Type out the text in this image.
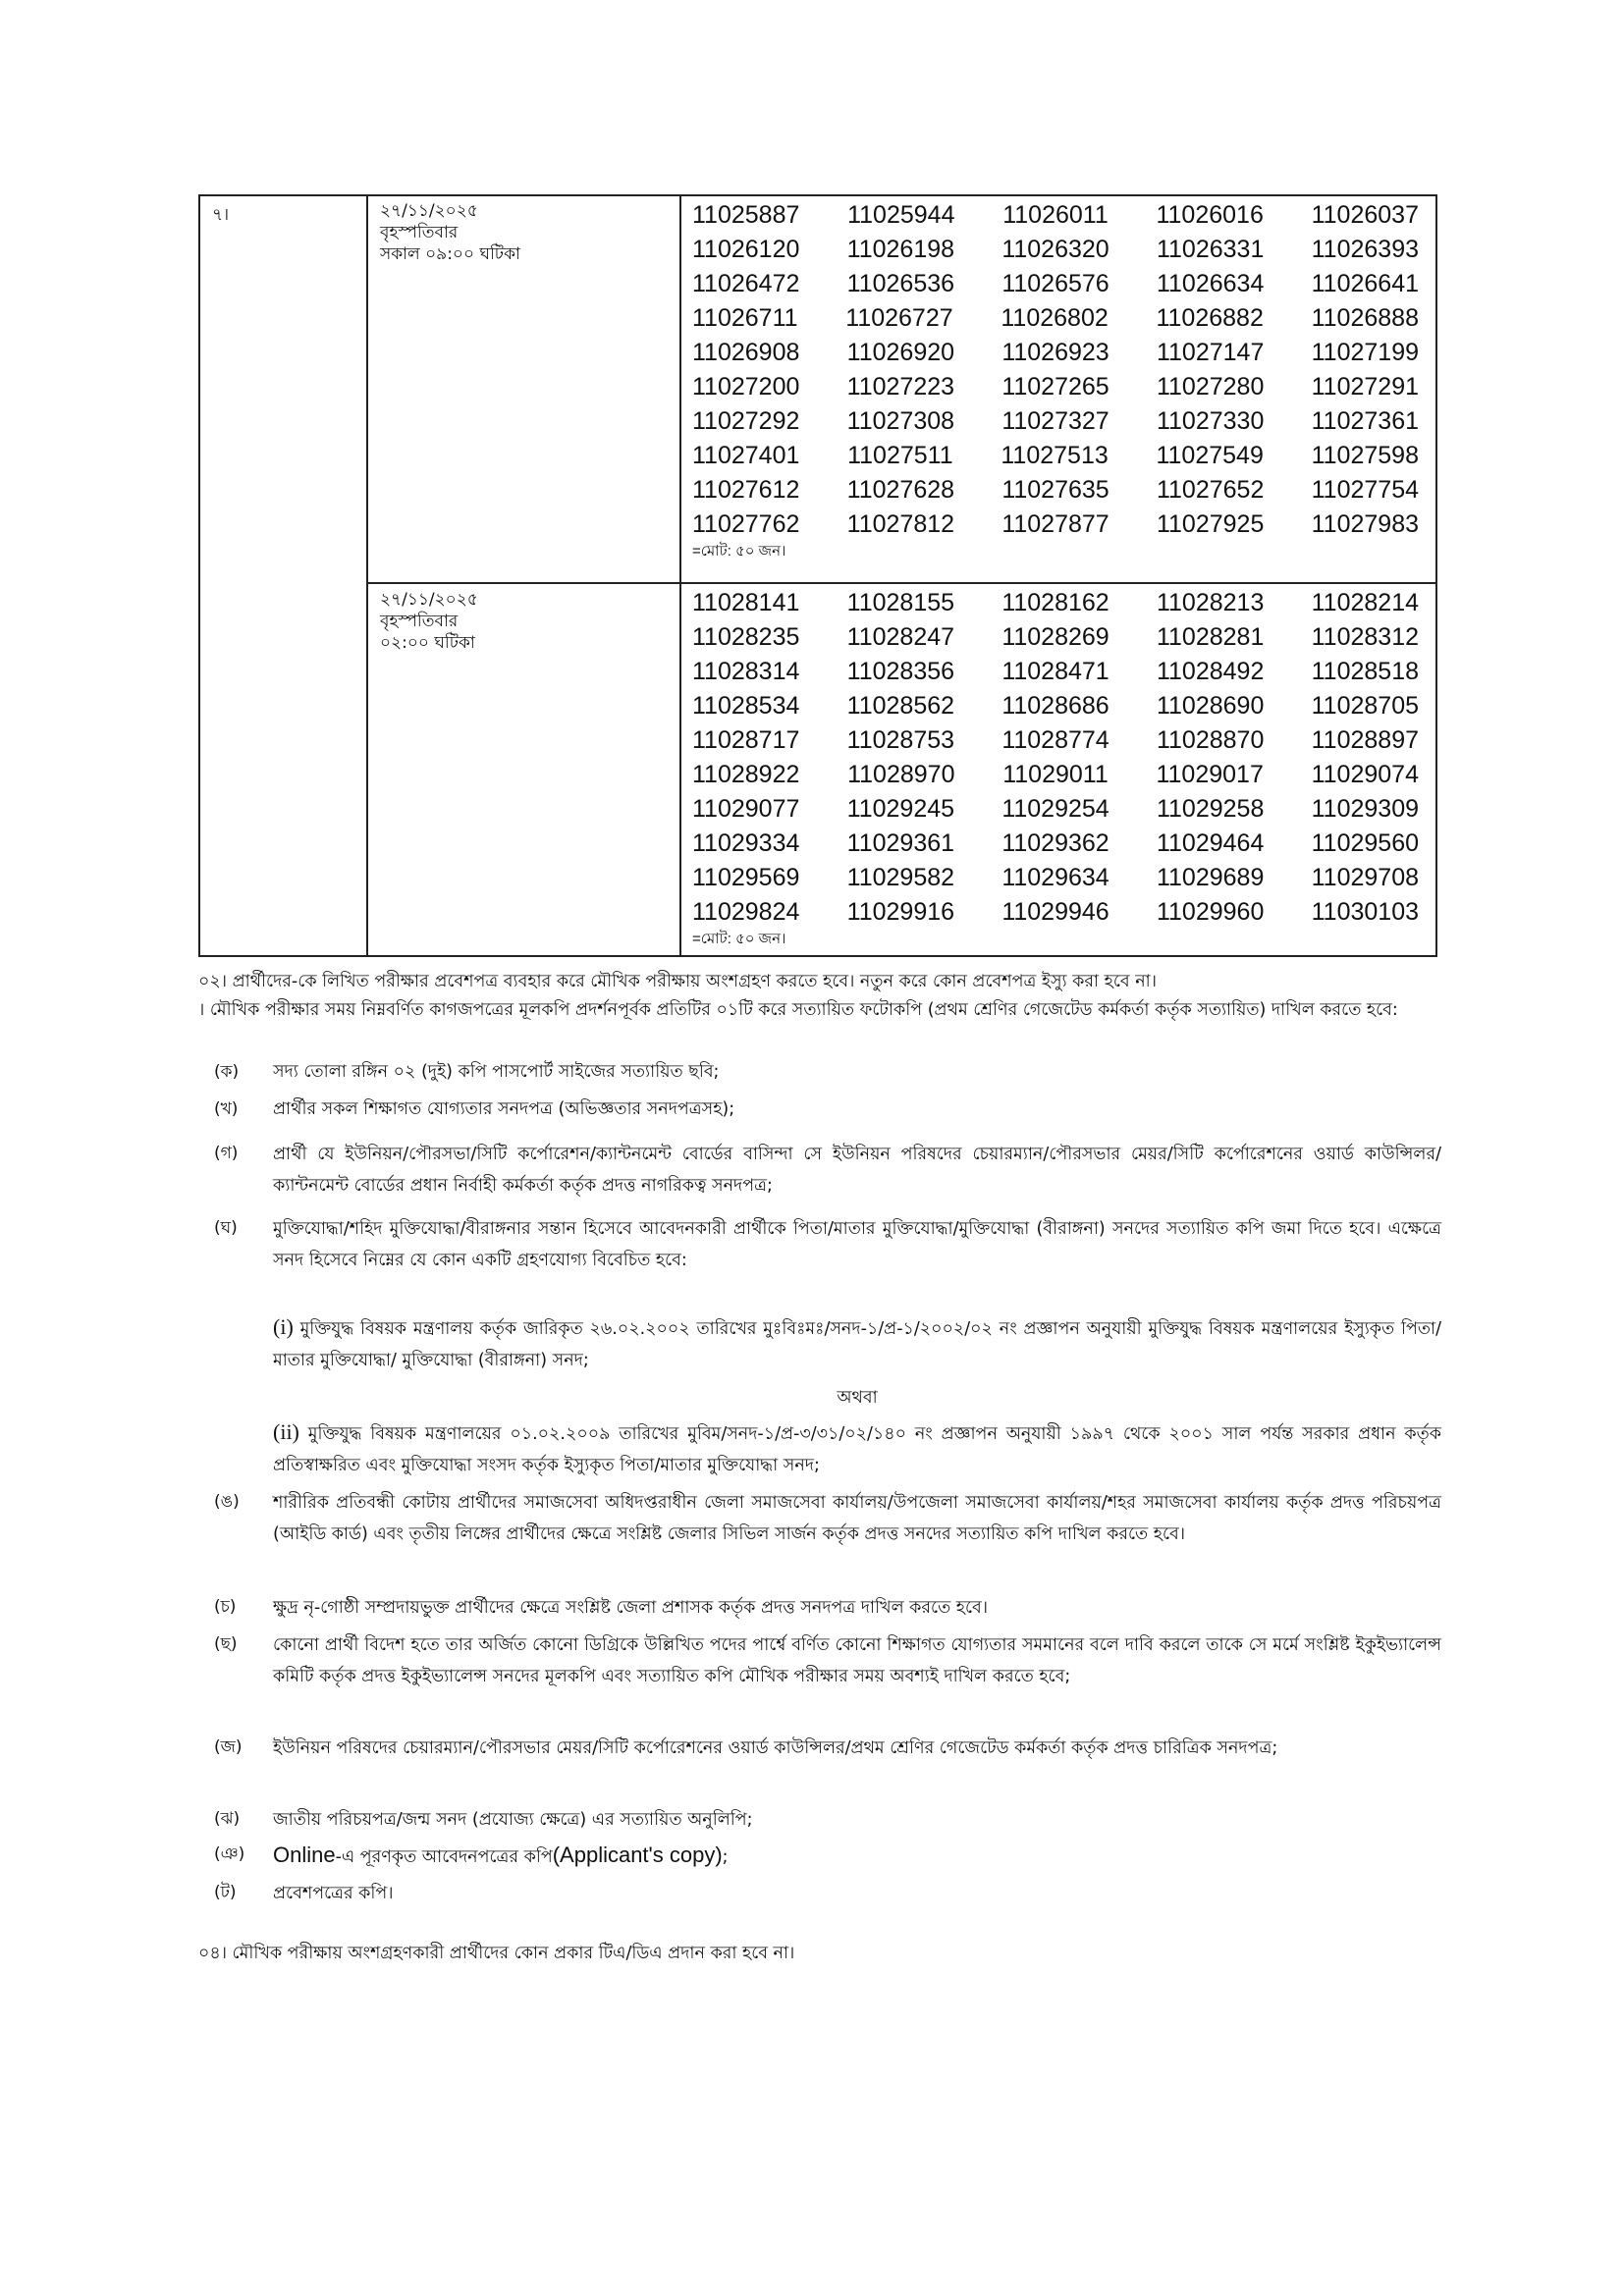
৭।	২৭/১১/২০২৫
বৃহস্পতিবার
সকাল ০৯:০০ ঘটিকা
11025887 11025944 11026011 11026016 11026037
11026120 11026198 11026320 11026331 11026393
11026472 11026536 11026576 11026634 11026641
11026711 11026727 11026802 11026882 11026888
11026908 11026920 11026923 11027147 11027199
11027200 11027223 11027265 11027280 11027291
11027292 11027308 11027327 11027330 11027361
11027401 11027511 11027513 11027549 11027598
11027612 11027628 11027635 11027652 11027754
11027762 11027812 11027877 11027925 11027983
=মোট: ৫০ জন।
২৭/১১/২০২৫
বৃহস্পতিবার
০২:০০ ঘটিকা
11028141 11028155 11028162 11028213 11028214
11028235 11028247 11028269 11028281 11028312
11028314 11028356 11028471 11028492 11028518
11028534 11028562 11028686 11028690 11028705
11028717 11028753 11028774 11028870 11028897
11028922 11028970 11029011 11029017 11029074
11029077 11029245 11029254 11029258 11029309
11029334 11029361 11029362 11029464 11029560
11029569 11029582 11029634 11029689 11029708
11029824 11029916 11029946 11029960 11030103
=মোট: ৫০ জন।
০২। প্রার্থীদের-কে লিখিত পরীক্ষার প্রবেশপত্র ব্যবহার করে মৌখিক পরীক্ষায় অংশগ্রহণ করতে হবে। নতুন করে কোন প্রবেশপত্র ইস্যু করা হবে না।
। মৌখিক পরীক্ষার সময় নিম্নবর্ণিত কাগজপত্রের মূলকপি প্রদর্শনপূর্বক প্রতিটির ০১টি করে সত্যায়িত ফটোকপি (প্রথম শ্রেণির গেজেটেড কর্মকর্তা কর্তৃক সত্যায়িত) দাখিল করতে হবে:
(ক) সদ্য তোলা রঙ্গিন ০২ (দুই) কপি পাসপোর্ট সাইজের সত্যায়িত ছবি;
(খ) প্রার্থীর সকল শিক্ষাগত যোগ্যতার সনদপত্র (অভিজ্ঞতার সনদপত্রসহ);
(গ) প্রার্থী যে ইউনিয়ন/পৌরসভা/সিটি কর্পোরেশন/ক্যান্টনমেন্ট বোর্ডের বাসিন্দা সে ইউনিয়ন পরিষদের চেয়ারম্যান/পৌরসভার মেয়র/সিটি কর্পোরেশনের ওয়ার্ড কাউন্সিলর/ক্যান্টনমেন্ট বোর্ডের প্রধান নির্বাহী কর্মকর্তা কর্তৃক প্রদত্ত নাগরিকত্ব সনদপত্র;
(ঘ) মুক্তিযোদ্ধা/শহিদ মুক্তিযোদ্ধা/বীরাঙ্গনার সন্তান হিসেবে আবেদনকারী প্রার্থীকে পিতা/মাতার মুক্তিযোদ্ধা/মুক্তিযোদ্ধা (বীরাঙ্গনা) সনদের সত্যায়িত কপি জমা দিতে হবে। এক্ষেত্রে সনদ হিসেবে নিম্নের যে কোন একটি গ্রহণযোগ্য বিবেচিত হবে:
(i) মুক্তিযুদ্ধ বিষয়ক মন্ত্রণালয় কর্তৃক জারিকৃত ২৬.০২.২০০২ তারিখের মুঃবিঃমঃ/সনদ-১/প্র-১/২০০২/০২ নং প্রজ্ঞাপন অনুযায়ী মুক্তিযুদ্ধ বিষয়ক মন্ত্রণালয়ের ইস্যুকৃত পিতা/মাতার মুক্তিযোদ্ধা/ মুক্তিযোদ্ধা (বীরাঙ্গনা) সনদ;
অথবা
(ii) মুক্তিযুদ্ধ বিষয়ক মন্ত্রণালয়ের ০১.০২.২০০৯ তারিখের মুবিম/সনদ-১/প্র-৩/৩১/০২/১৪০ নং প্রজ্ঞাপন অনুযায়ী ১৯৯৭ থেকে ২০০১ সাল পর্যন্ত সরকার প্রধান কর্তৃক প্রতিস্বাক্ষরিত এবং মুক্তিযোদ্ধা সংসদ কর্তৃক ইস্যুকৃত পিতা/মাতার মুক্তিযোদ্ধা সনদ;
(ঙ) শারীরিক প্রতিবন্ধী কোটায় প্রার্থীদের সমাজসেবা অধিদপ্তরাধীন জেলা সমাজসেবা কার্যালয়/উপজেলা সমাজসেবা কার্যালয়/শহর সমাজসেবা কার্যালয় কর্তৃক প্রদত্ত পরিচয়পত্র (আইডি কার্ড) এবং তৃতীয় লিঙ্গের প্রার্থীদের ক্ষেত্রে সংশ্লিষ্ট জেলার সিভিল সার্জন কর্তৃক প্রদত্ত সনদের সত্যায়িত কপি দাখিল করতে হবে।
(চ) ক্ষুদ্র নৃ-গোষ্ঠী সম্প্রদায়ভুক্ত প্রার্থীদের ক্ষেত্রে সংশ্লিষ্ট জেলা প্রশাসক কর্তৃক প্রদত্ত সনদপত্র দাখিল করতে হবে।
(ছ) কোনো প্রার্থী বিদেশ হতে তার অর্জিত কোনো ডিগ্রিকে উল্লিখিত পদের পার্শ্বে বর্ণিত কোনো শিক্ষাগত যোগ্যতার সমমানের বলে দাবি করলে তাকে সে মর্মে সংশ্লিষ্ট ইকুইভ্যালেন্স কমিটি কর্তৃক প্রদত্ত ইকুইভ্যালেন্স সনদের মূলকপি এবং সত্যায়িত কপি মৌখিক পরীক্ষার সময় অবশ্যই দাখিল করতে হবে;
(জ) ইউনিয়ন পরিষদের চেয়ারম্যান/পৌরসভার মেয়র/সিটি কর্পোরেশনের ওয়ার্ড কাউন্সিলর/প্রথম শ্রেণির গেজেটেড কর্মকর্তা কর্তৃক প্রদত্ত চারিত্রিক সনদপত্র;
(ঝ) জাতীয় পরিচয়পত্র/জন্ম সনদ (প্রযোজ্য ক্ষেত্রে) এর সত্যায়িত অনুলিপি;
(ঞ) Online-এ পূরণকৃত আবেদনপত্রের কপি(Applicant's copy);
(ট) প্রবেশপত্রের কপি।
০৪। মৌখিক পরীক্ষায় অংশগ্রহণকারী প্রার্থীদের কোন প্রকার টিএ/ডিএ প্রদান করা হবে না।
